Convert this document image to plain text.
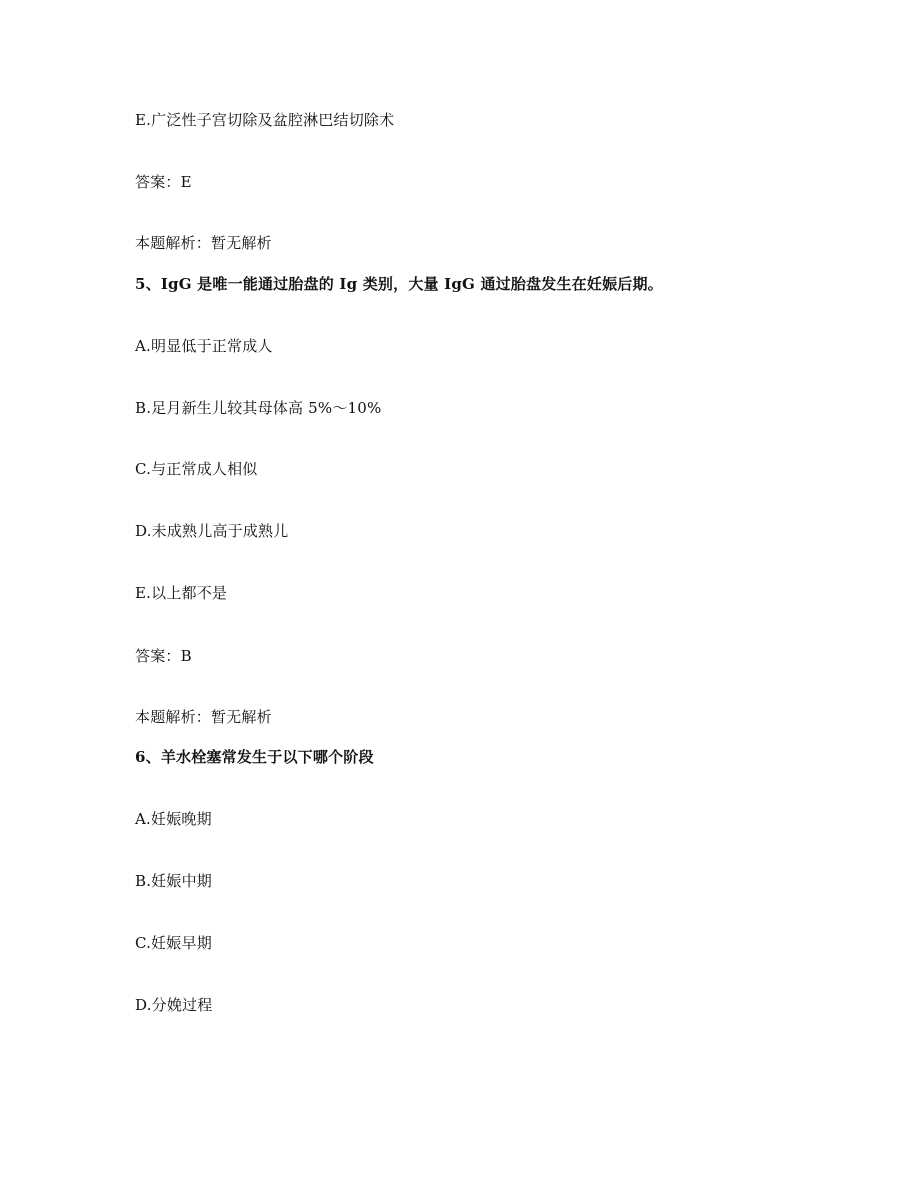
E.广泛性子宫切除及盆腔淋巴结切除术
答案：E
本题解析：暂无解析
5、IgG 是唯一能通过胎盘的 Ig 类别，大量 IgG 通过胎盘发生在妊娠后期。
A.明显低于正常成人
B.足月新生儿较其母体高 5%～10%
C.与正常成人相似
D.未成熟儿高于成熟儿
E.以上都不是
答案：B
本题解析：暂无解析
6、羊水栓塞常发生于以下哪个阶段
A.妊娠晚期
B.妊娠中期
C.妊娠早期
D.分娩过程
